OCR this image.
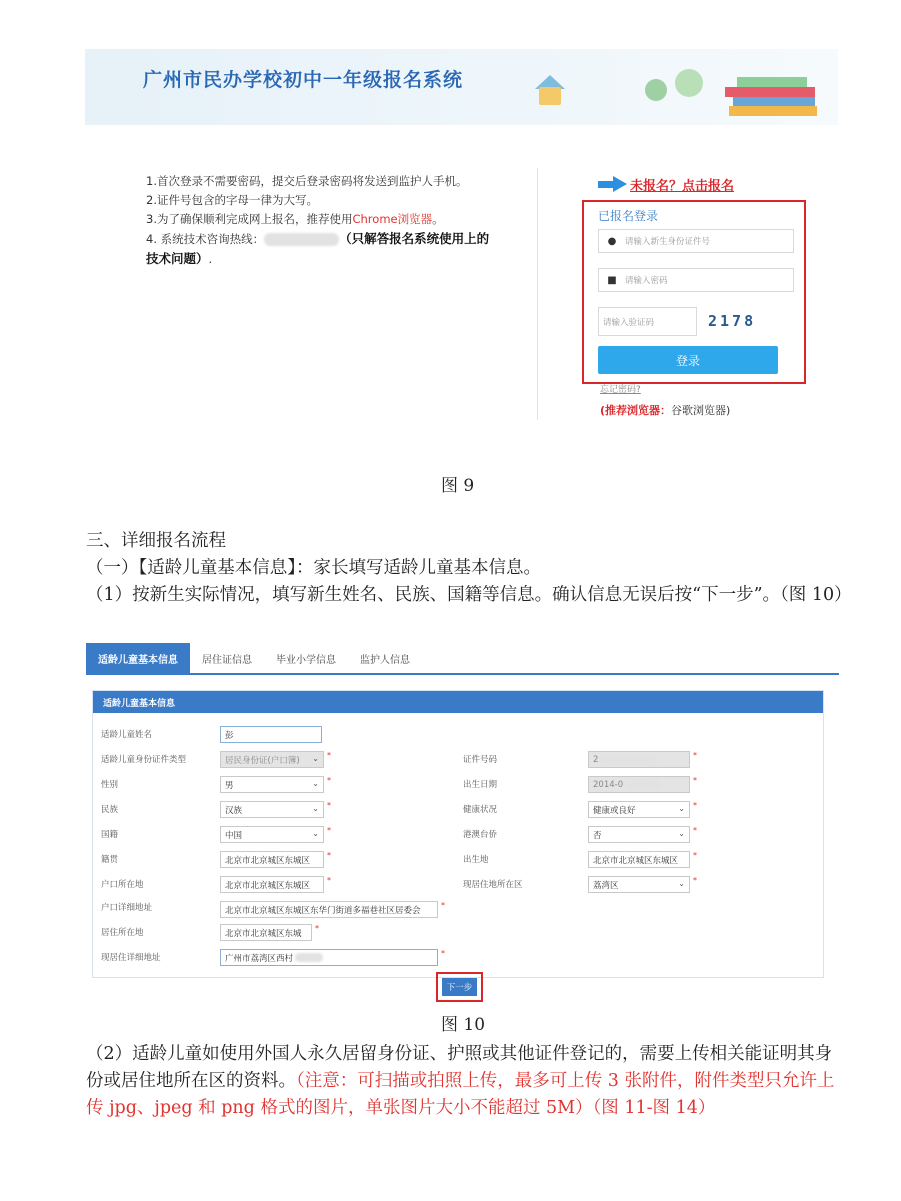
广州市民办学校初中一年级报名系统

1.首次登录不需要密码，提交后登录密码将发送到监护人手机。

2.证件号包含的字母一律为大写。

3.为了确保顺利完成网上报名，推荐使用Chrome浏览器。

4. 系统技术咨询热线：	（只解答报名系统使用上的技术问题）.

未报名？点击报名
已报名登录
●	请输入新生身份证件号
■ 请输入密码
请输入验证码	2178
登录
忘记密码?
(推荐浏览器：谷歌浏览器)
图 9
三、详细报名流程
（一）【适龄儿童基本信息】：家长填写适龄儿童基本信息。
（1）按新生实际情况，填写新生姓名、民族、国籍等信息。确认信息无误后按“下一步”。（图 10）
适龄儿童基本信息	居住证信息	毕业小学信息	监护人信息
适龄儿童基本信息
适龄儿童姓名	彭
适龄儿童身份证件类型	居民身份证(户口簿) ⌄ *
性别	男	⌄ *
民族	汉族	⌄ *
国籍	中国	⌄ *
籍贯	北京市北京城区东城区	*
户口所在地	北京市北京城区东城区	*
户口详细地址	北京市北京城区东城区东华门街道多福巷社区居委会	*
居住所在地	北京市北京城区东城	*
现居住详细地址	广州市荔湾区西村	*
证件号码	2	*
出生日期	2014-0	*
健康状况	健康或良好	⌄ *
港澳台侨	否	⌄ *
出生地	北京市北京城区东城区	*
现居住地所在区	荔湾区	⌄ *
下一步
图 10
（2）适龄儿童如使用外国人永久居留身份证、护照或其他证件登记的，需要上传相关能证明其身份或居住地所在区的资料。（注意：可扫描或拍照上传，最多可上传 3 张附件，附件类型只允许上传 jpg、jpeg 和 png 格式的图片，单张图片大小不能超过 5M）（图 11-图 14）
